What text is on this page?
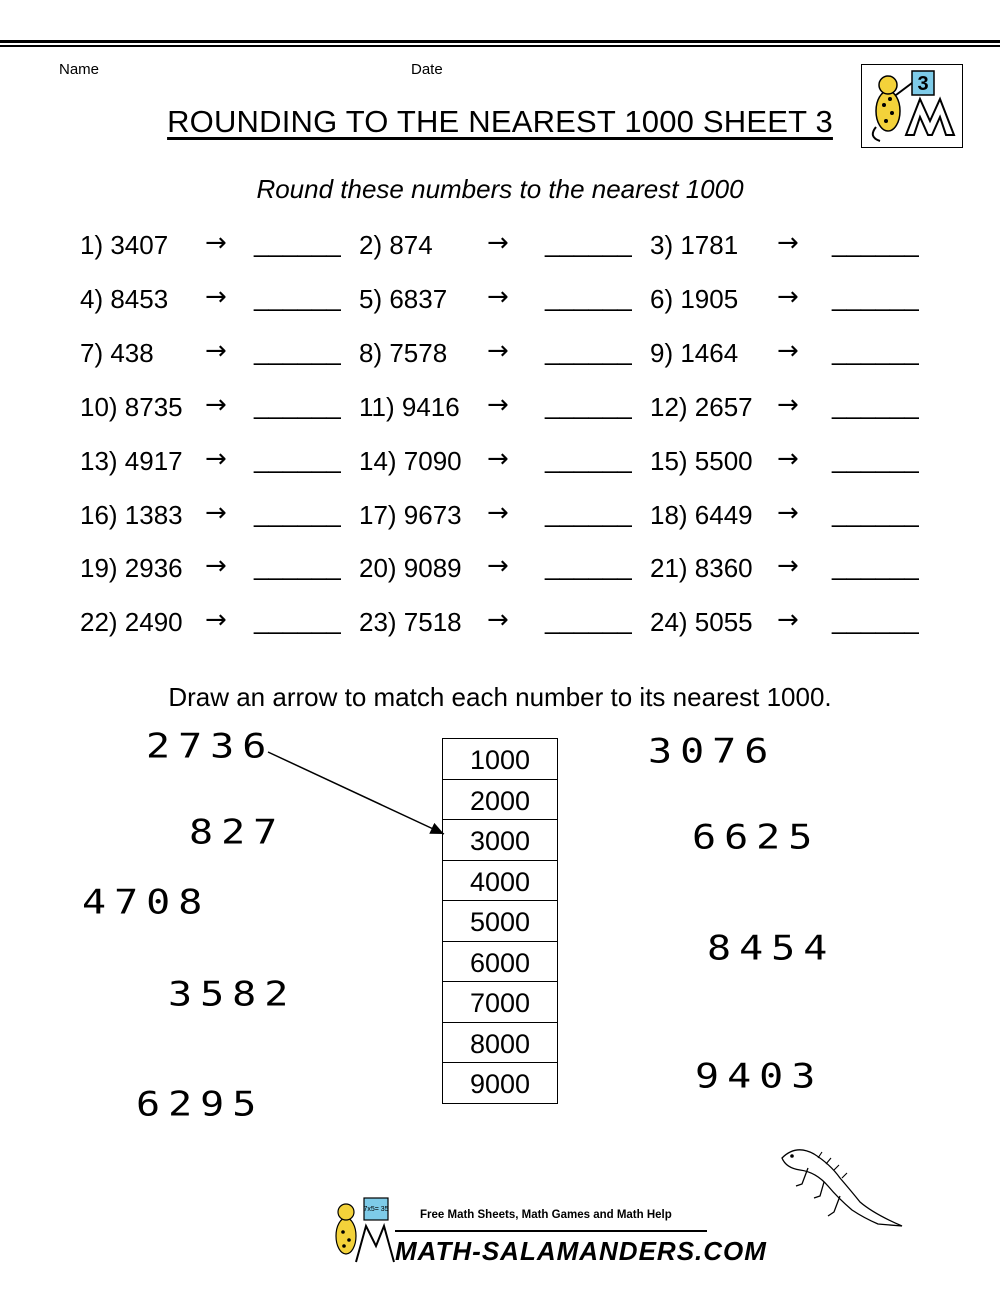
Name	Date
3
ROUNDING TO THE NEAREST 1000 SHEET 3
Round these numbers to the nearest 1000
1) 3407 → ______ 2) 874 → ______ 3) 1781 → ______
4) 8453 → ______ 5) 6837 → ______ 6) 1905 → ______
7) 438 → ______ 8) 7578 → ______ 9) 1464 → ______
10) 8735 → ______ 11) 9416 → ______ 12) 2657 → ______
13) 4917 → ______ 14) 7090 → ______ 15) 5500 → ______
16) 1383 → ______ 17) 9673 → ______ 18) 6449 → ______
19) 2936 → ______ 20) 9089 → ______ 21) 8360 → ______
22) 2490 → ______ 23) 7518 → ______ 24) 5055 → ______
Draw an arrow to match each number to its nearest 1000.
2736
827
4708
3582
6295
3076
6625
8454
9403
1000
2000
3000
4000
5000
6000
7000
8000
9000
7x5= 35	Free Math Sheets, Math Games and Math Help
MATH-SALAMANDERS.COM
